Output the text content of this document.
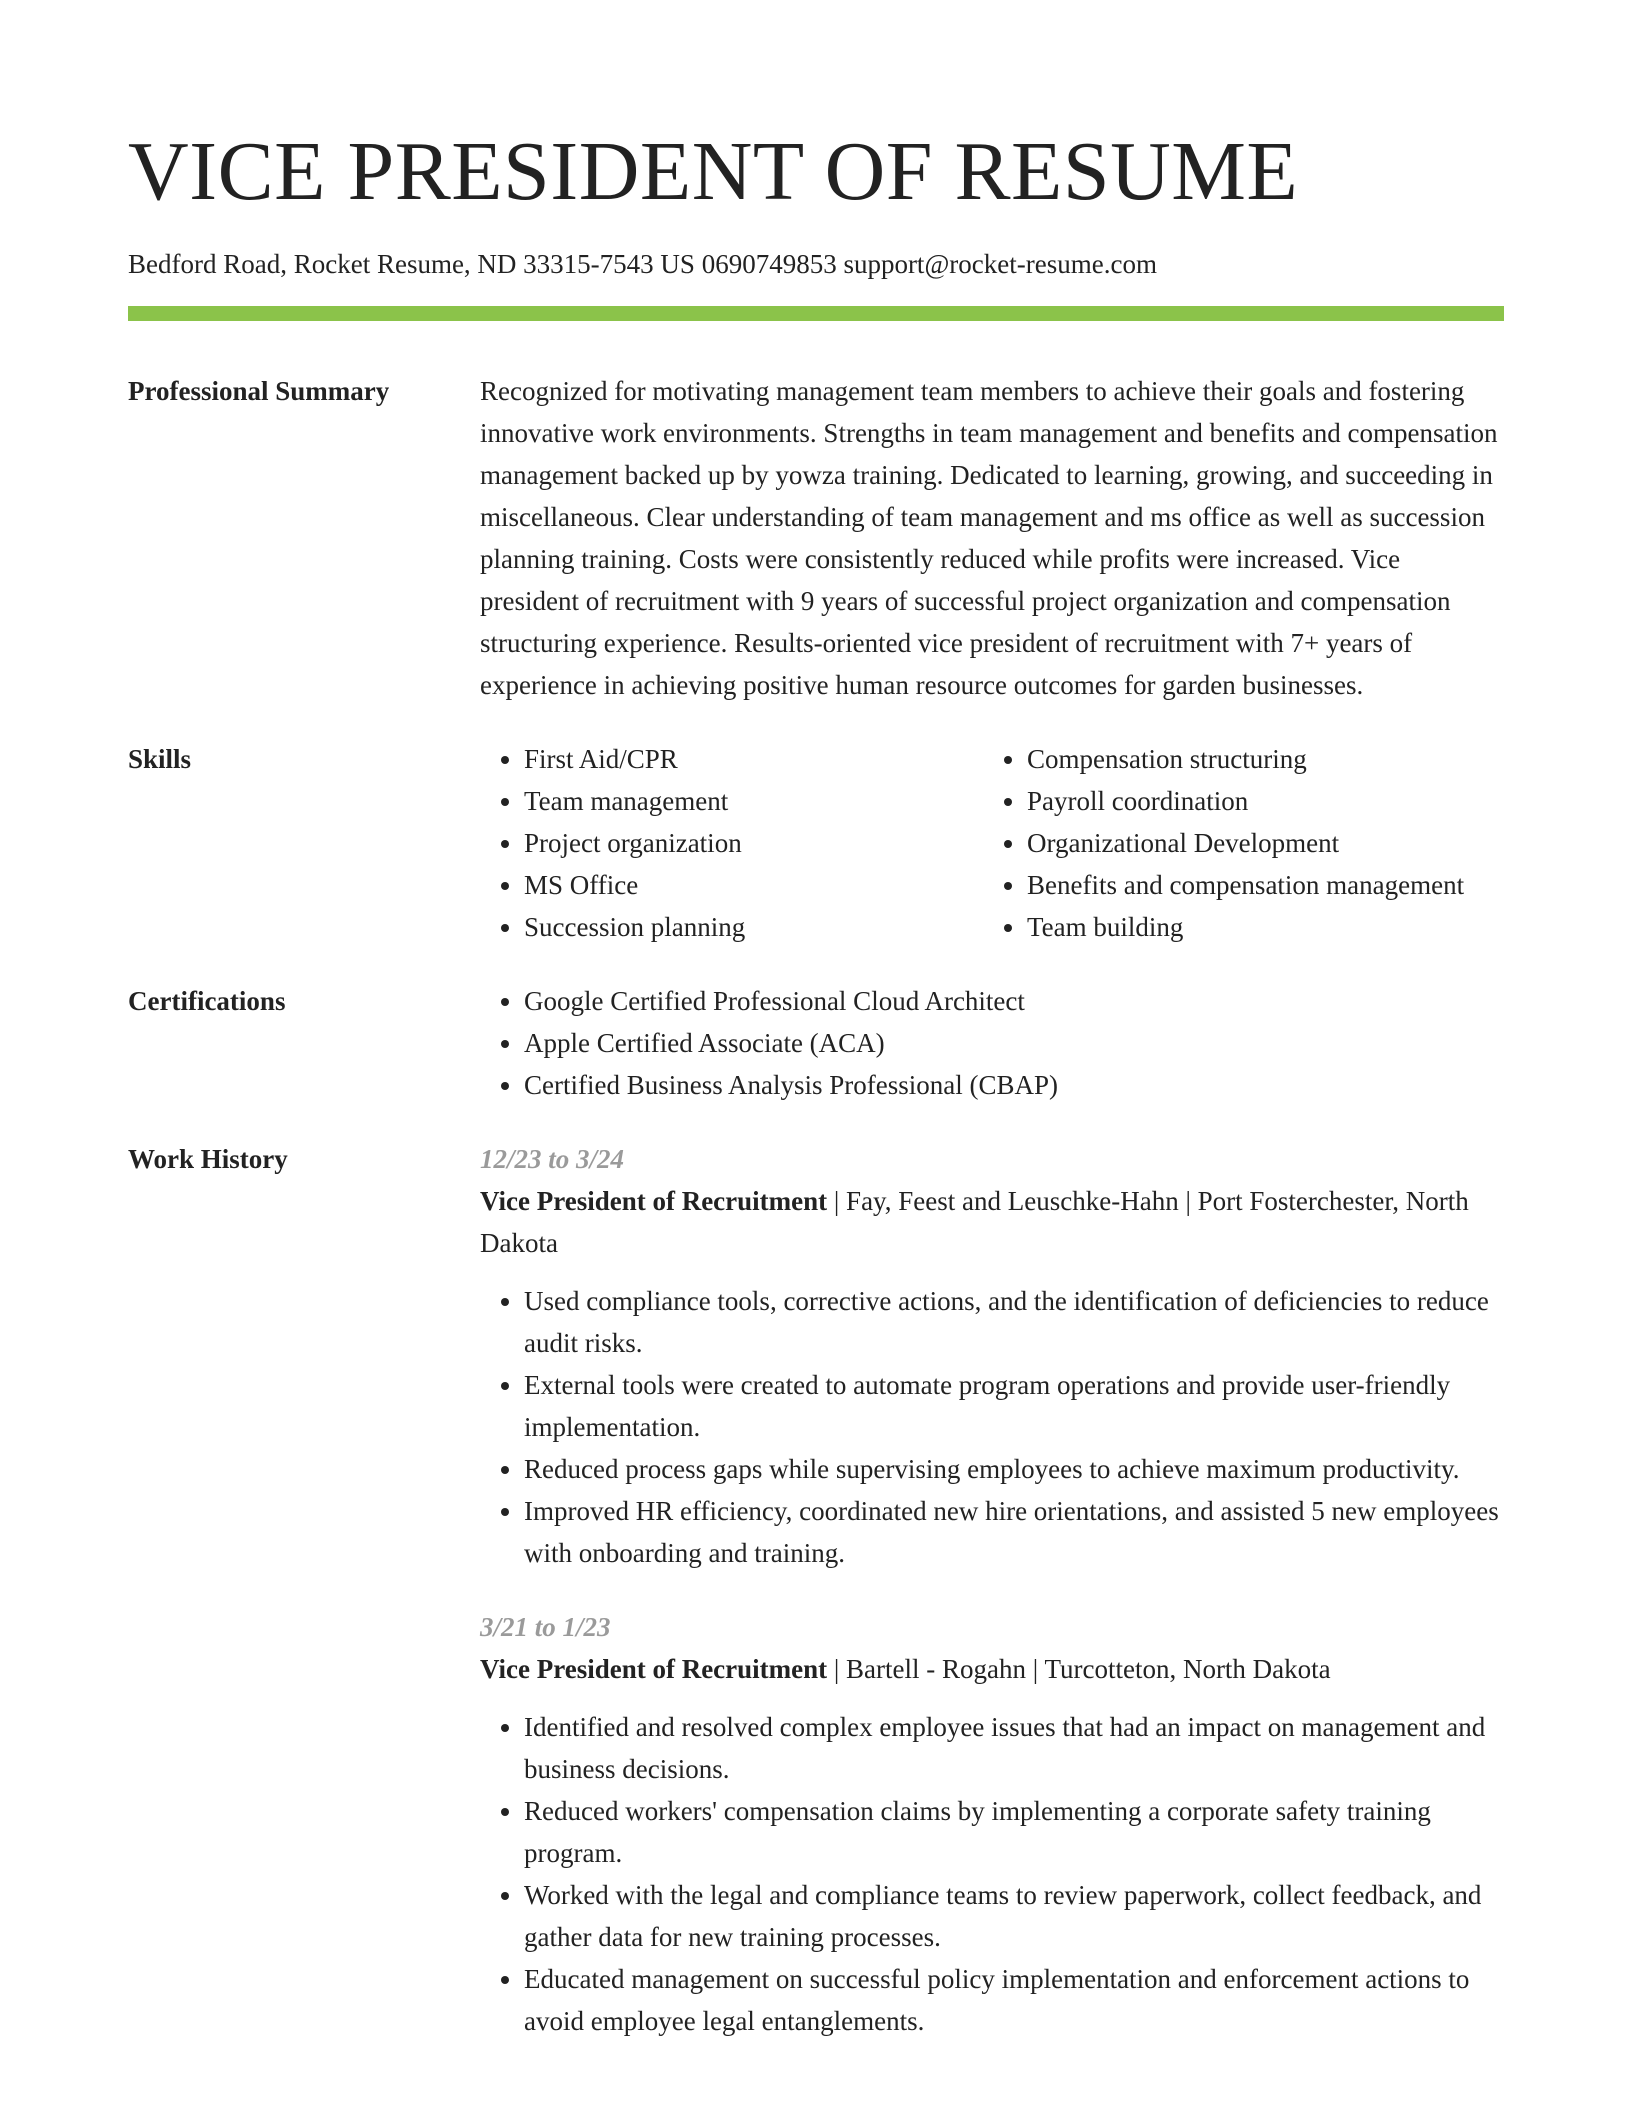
VICE PRESIDENT OF RESUME
Bedford Road, Rocket Resume, ND 33315-7543 US 0690749853 support@rocket-resume.com
Professional Summary	Recognized for motivating management team members to achieve their goals and fostering innovative work environments. Strengths in team management and benefits and compensation management backed up by yowza training. Dedicated to learning, growing, and succeeding in miscellaneous. Clear understanding of team management and ms office as well as succession planning training. Costs were consistently reduced while profits were increased. Vice president of recruitment with 9 years of successful project organization and compensation structuring experience. Results-oriented vice president of recruitment with 7+ years of experience in achieving positive human resource outcomes for garden businesses.

Skills	• First Aid/CPR
• Team management
• Project organization
• MS Office
• Succession planning
• Compensation structuring
• Payroll coordination
• Organizational Development
• Benefits and compensation management
• Team building
Certifications	• Google Certified Professional Cloud Architect
• Apple Certified Associate (ACA)
• Certified Business Analysis Professional (CBAP)
Work History	12/23 to 3/24
Vice President of Recruitment | Fay, Feest and Leuschke-Hahn | Port Fosterchester, North Dakota
• Used compliance tools, corrective actions, and the identification of deficiencies to reduce audit risks.
• External tools were created to automate program operations and provide user-friendly implementation.
• Reduced process gaps while supervising employees to achieve maximum productivity.
• Improved HR efficiency, coordinated new hire orientations, and assisted 5 new employees with onboarding and training.
3/21 to 1/23
Vice President of Recruitment | Bartell - Rogahn | Turcotteton, North Dakota
• Identified and resolved complex employee issues that had an impact on management and business decisions.
• Reduced workers' compensation claims by implementing a corporate safety training program.
• Worked with the legal and compliance teams to review paperwork, collect feedback, and gather data for new training processes.
• Educated management on successful policy implementation and enforcement actions to avoid employee legal entanglements.
